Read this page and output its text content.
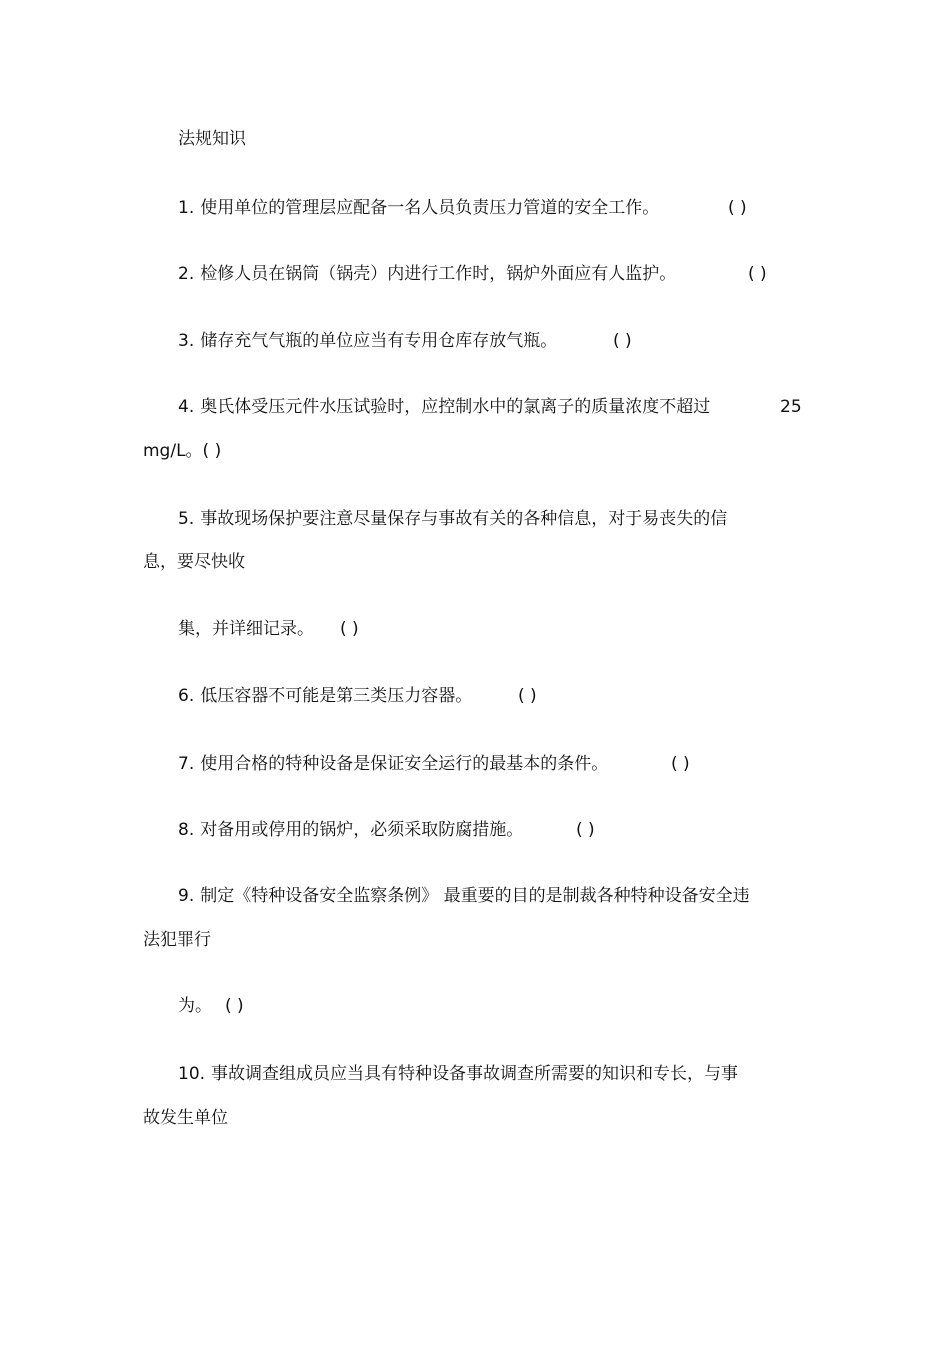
法规知识
1. 使用单位的管理层应配备一名人员负责压力管道的安全工作。	( )
2. 检修人员在锅筒（锅壳）内进行工作时，锅炉外面应有人监护。	( )
3. 储存充气气瓶的单位应当有专用仓库存放气瓶。	( )
4. 奥氏体受压元件水压试验时，应控制水中的氯离子的质量浓度不超过	25
mg/L。( )
5. 事故现场保护要注意尽量保存与事故有关的各种信息，对于易丧失的信
息，要尽快收
集，并详细记录。 ( )
6. 低压容器不可能是第三类压力容器。	( )
7. 使用合格的特种设备是保证安全运行的最基本的条件。	( )
8. 对备用或停用的锅炉，必须采取防腐措施。	( )
9. 制定《特种设备安全监察条例》 最重要的目的是制裁各种特种设备安全违
法犯罪行
为。 ( )
10. 事故调查组成员应当具有特种设备事故调查所需要的知识和专长，与事
故发生单位
